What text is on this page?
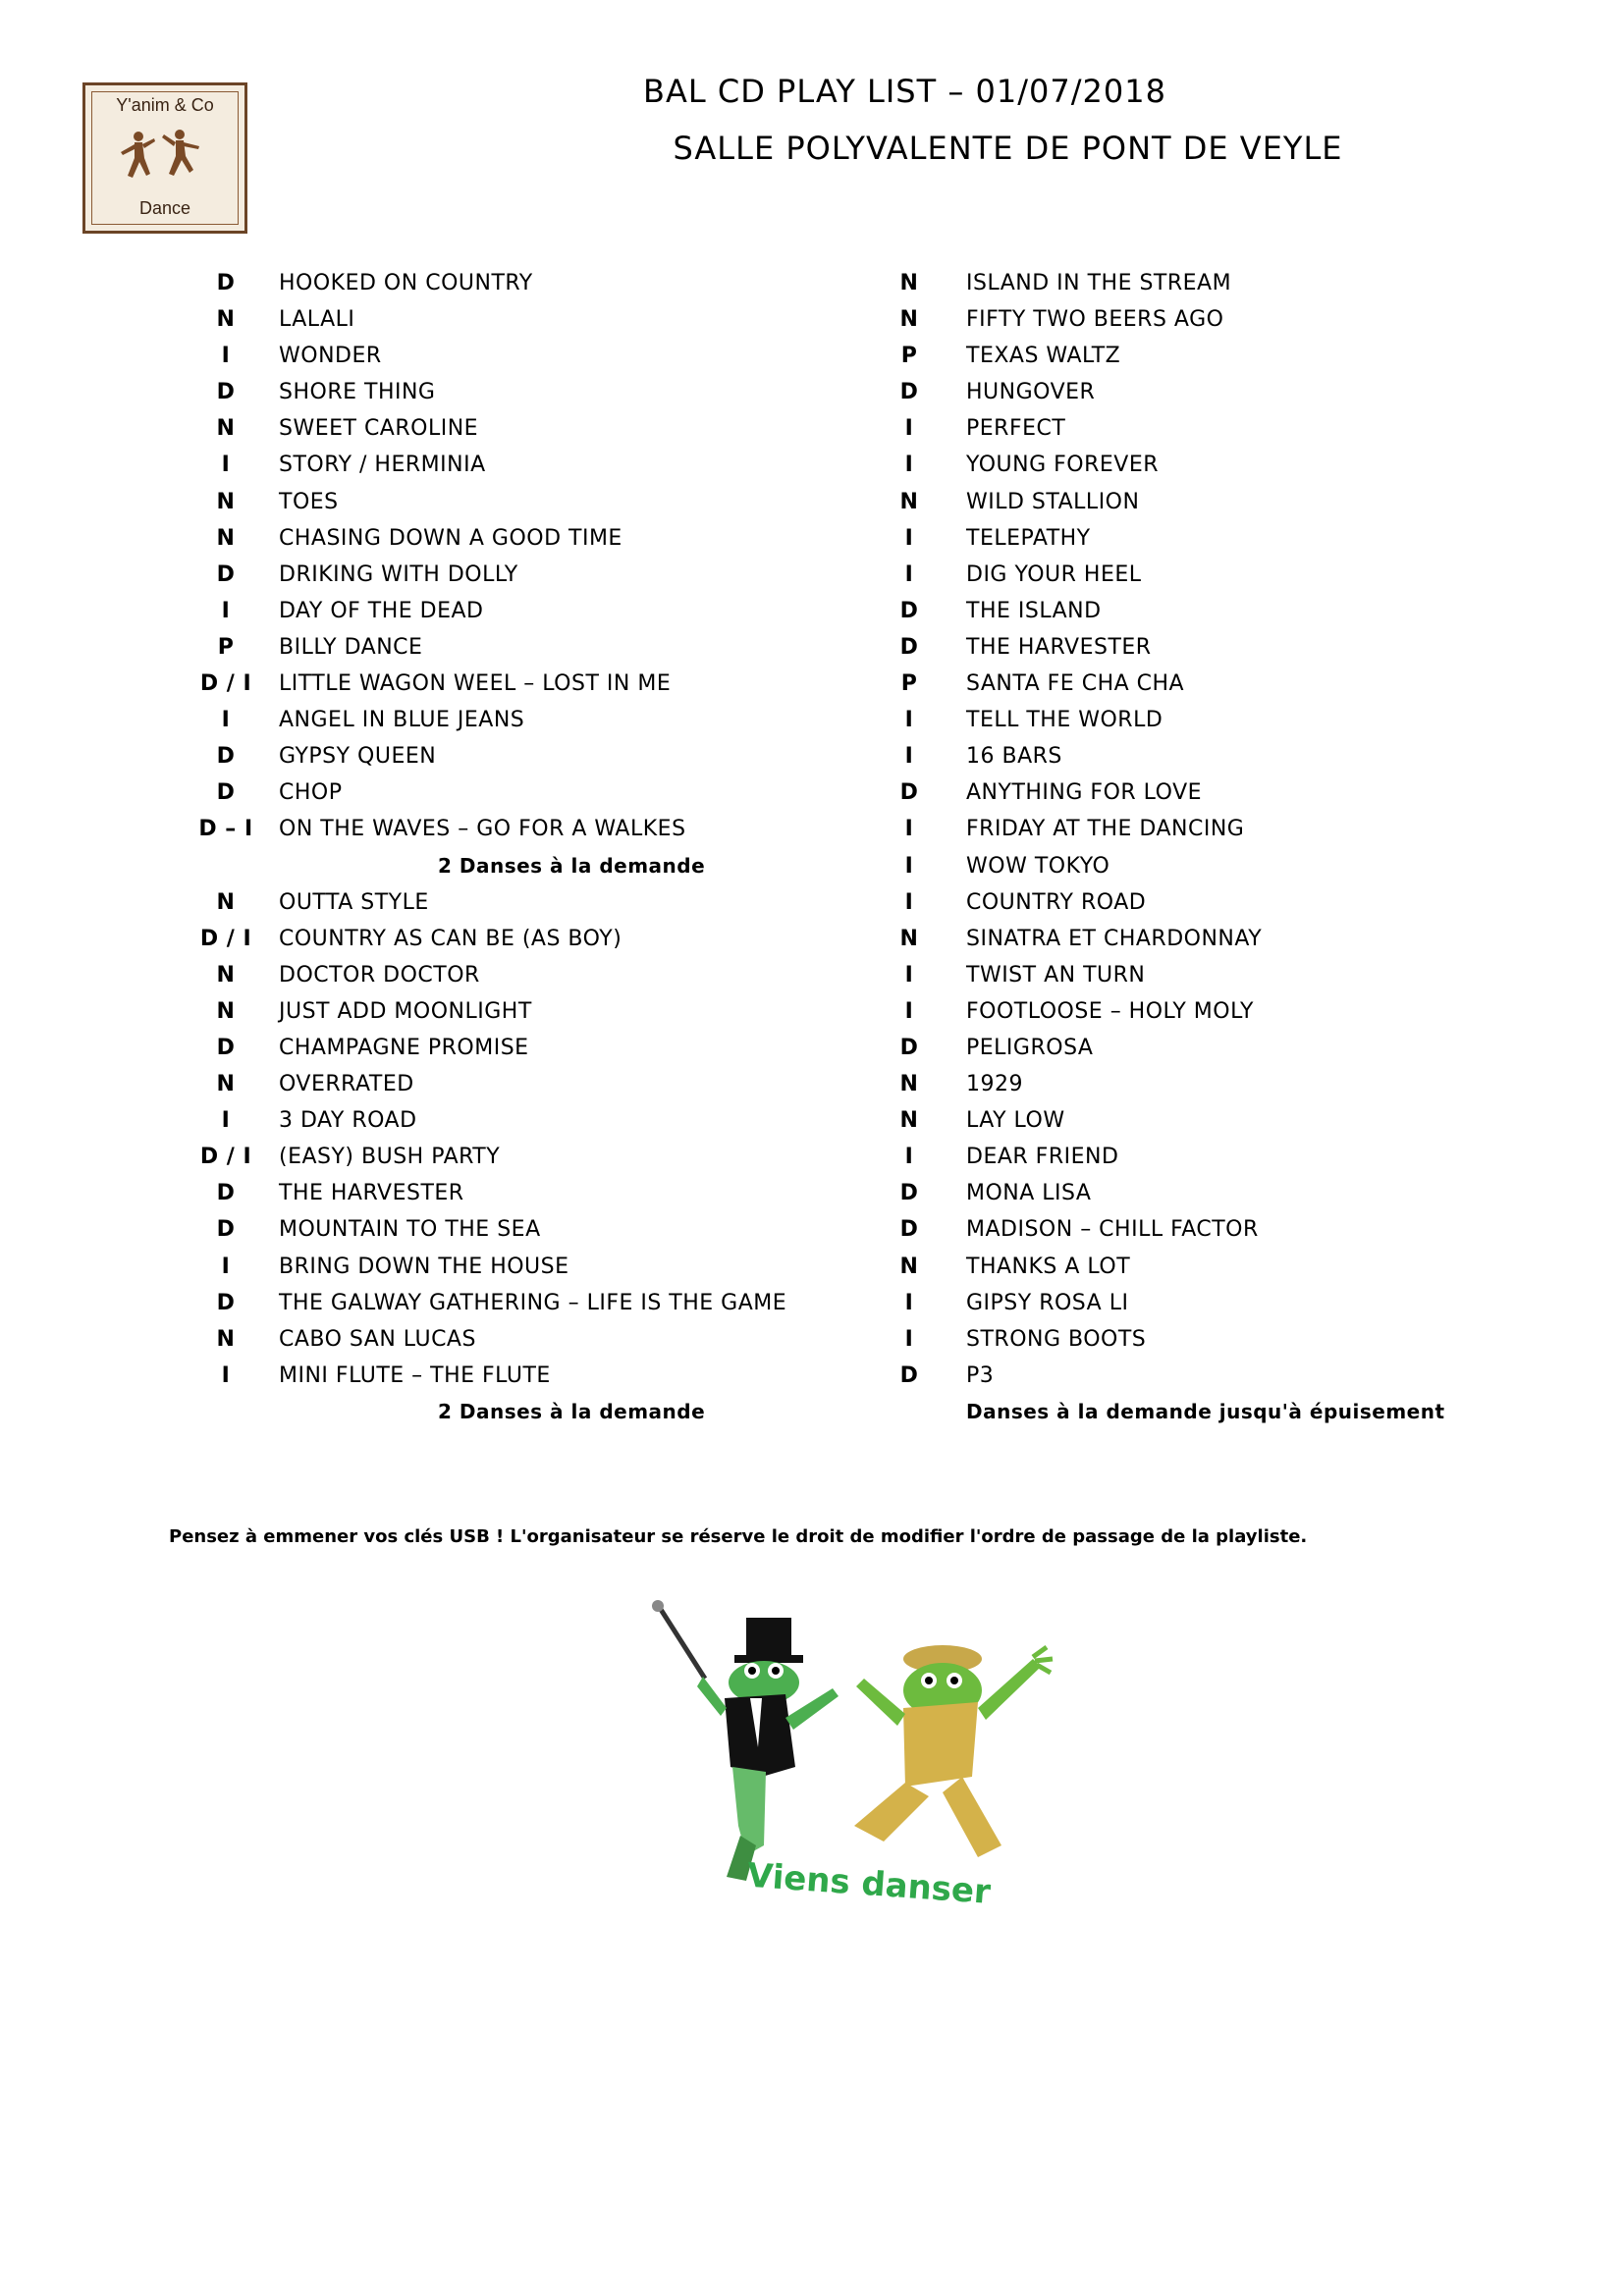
Y'anim & Co
Dance
BAL CD PLAY LIST – 01/07/2018
SALLE POLYVALENTE DE PONT DE VEYLE
D	HOOKED ON COUNTRY
N	LALALI
I	WONDER
D	SHORE THING
N	SWEET CAROLINE
I	STORY / HERMINIA
N	TOES
N	CHASING DOWN A GOOD TIME
D	DRIKING WITH DOLLY
I	DAY OF THE DEAD
P	BILLY DANCE
D / I	LITTLE WAGON WEEL – LOST IN ME
I	ANGEL IN BLUE JEANS
D	GYPSY QUEEN
D	CHOP
D – I	ON THE WAVES – GO FOR A WALKES
2 Danses à la demande
N	OUTTA STYLE
D / I	COUNTRY AS CAN BE (AS BOY)
N	DOCTOR DOCTOR
N	JUST ADD MOONLIGHT
D	CHAMPAGNE PROMISE
N	OVERRATED
I	3 DAY ROAD
D / I	(EASY) BUSH PARTY
D	THE HARVESTER
D	MOUNTAIN TO THE SEA
I	BRING DOWN THE HOUSE
D	THE GALWAY GATHERING – LIFE IS THE GAME
N	CABO SAN LUCAS
I	MINI FLUTE – THE FLUTE
2 Danses à la demande
N	ISLAND IN THE STREAM
N	FIFTY TWO BEERS AGO
P	TEXAS WALTZ
D	HUNGOVER
I	PERFECT
I	YOUNG FOREVER
N	WILD STALLION
I	TELEPATHY
I	DIG YOUR HEEL
D	THE ISLAND
D	THE HARVESTER
P	SANTA FE CHA CHA
I	TELL THE WORLD
I	16 BARS
D	ANYTHING FOR LOVE
I	FRIDAY AT THE DANCING
I	WOW TOKYO
I	COUNTRY ROAD
N	SINATRA ET CHARDONNAY
I	TWIST AN TURN
I	FOOTLOOSE – HOLY MOLY
D	PELIGROSA
N	1929
N	LAY LOW
I	DEAR FRIEND
D	MONA LISA
D	MADISON – CHILL FACTOR
N	THANKS A LOT
I	GIPSY ROSA LI
I	STRONG BOOTS
D	P3
Danses à la demande jusqu'à épuisement
Pensez à emmener vos clés USB ! L'organisateur se réserve le droit de modifier l'ordre de passage de la playliste.
Viens danser
